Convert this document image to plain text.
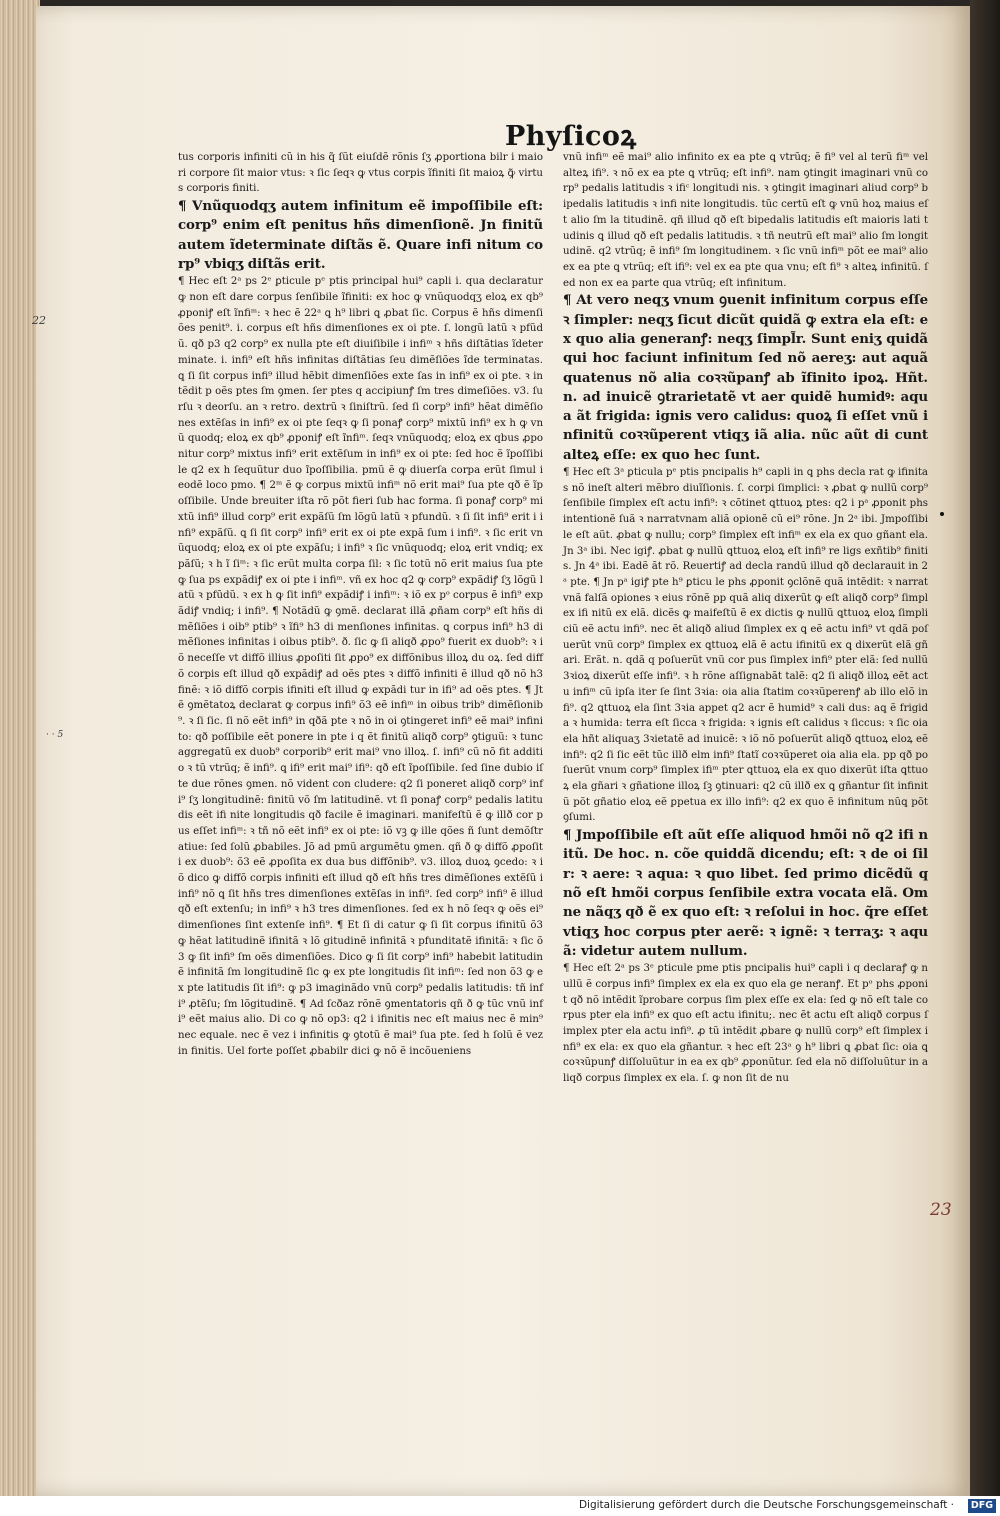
Phyſicoꝝ

tus corporis infiniti cũ in his q̃ ſũt eiuſdẽ rõnis ſʒ ꝓportiona bilr i maiori corpore ſit maior vtus: ꝛ ſic ſeqꝛ ꝙ vtus corpis ĩfiniti ſit maioꝝ ꝙ̃ virtus corporis finiti.

¶ Vnũquodqʒ autem infinitum eẽ impoſſibile eſt: corp⁹ enim eſt penitus hñs dimenſionẽ. Jn finitũ autem ĩdeterminate diſtãs ẽ. Quare infi nitum corp⁹ vbiqʒ diſtãs erit.

¶ Hec eſt 2ᵃ ps 2ᵉ ꝑticule pᵉ ptis principal hui⁹ capli i. qua declaratur ꝙ non eſt dare corpus ſenſibile ĩfiniti: ex hoc ꝙ vnũquodqʒ eloꝝ ex qb⁹ ꝓponiꝭ eſt ĩnfiᵐ: ꝛ hec ẽ 22ᵃ ꝗ h⁹ libri ꝗ ꝓbat ſic. Corpus ẽ hñs dimenſiões penit⁹. i. corpus eſt hñs dimenſiones ex oi pte. ſ. longũ latũ ꝛ pfũdũ. qð p3 q2 corp⁹ ex nulla pte eſt diuiſibile i infiᵐ ꝛ hñs diſtãtias ĩdeter minate. i. infi⁹ eſt hñs infinitas diſtãtias ſeu dimẽſiões ĩde terminatas. ꝗ ſi ſit corpus infi⁹ illud hẽbit dimenſiões exte ſas in infi⁹ ex oi pte. ꝛ intẽdit p oẽs ptes ſm ꝯmen. ſer ptes q accipiunꝭ ſm tres dimeſiões. v3. ſurſu ꝛ deorſu. an ꝛ retro. dextrũ ꝛ ſiniſtrũ. ſed ſi corp⁹ infi⁹ hẽat dimẽſiones extẽſas in infi⁹ ex oi pte ſeqꝛ ꝙ ſi ponaꝭ corp⁹ mixtũ infi⁹ ex h ꝙ vnũ quodq; eloꝝ ex qb⁹ ꝓponiꝭ eſt ĩnfiᵐ. ſeqꝛ vnũquodq; eloꝝ ex qbus ꝓponitur corp⁹ mixtus infi⁹ erit extẽſum in infi⁹ ex oi pte: ſed hoc ẽ ĩpoſſibile q2 ex h ſequũtur duo ĩpoſſibilia. pmũ ẽ ꝙ diuerſa corpa erũt ſimul i eodẽ loco pmo. ¶ 2ᵐ ẽ ꝙ corpus mixtũ infiᵐ nõ erit mai⁹ ſua pte qð ẽ ĩpoſſibile. Unde breuiter iſta rõ põt fieri ſub hac forma. ſi ponaꝭ corp⁹ mixtũ infi⁹ illud corp⁹ erit expãſũ ſm lõgũ latũ ꝛ pfundũ. ꝛ ſi ſit infi⁹ erit i infi⁹ expãſũ. ꝗ ſi ſit corp⁹ infi⁹ erit ex oi pte expã ſum i infi⁹. ꝛ ſic erit vnũquodq; eloꝝ ex oi pte expãſu; i infi⁹ ꝛ ſic vnũquodq; eloꝝ erit vndiq; expãſũ; ꝛ h ĩ ſiᵐ: ꝛ ſic erũt multa corpa ſil: ꝛ ſic totũ nõ erit maius ſua pte ꝙ ſua ps expãdiꝭ ex oi pte i infiᵐ. vñ ex hoc q2 ꝙ corp⁹ expãdiꝭ ſʒ lõgũ latũ ꝛ pfũdũ. ꝛ ex h ꝙ ſit infi⁹ expãdiꝭ i infiᵐ: ꝛ iõ ex pᵒ corpus ẽ infi⁹ expãdiꝭ vndiq; i infi⁹. ¶ Notãdũ ꝙ ꝯmẽ. declarat illã ꝓñam corp⁹ eſt hñs dimẽſiões i oib⁹ ptib⁹ ꝛ ĩfi⁹ h3 di menſiones infinitas. ꝗ corpus infi⁹ h3 dimẽſiones infinitas i oibus ptib⁹. ð. ſic ꝙ ſi aliqð ꝓpo⁹ fuerit ex duob⁹: ꝛ iõ neceſſe vt diffõ illius ꝓpoſiti ſit ꝓpo⁹ ex diffõnibus illoꝝ du oꝝ. ſed diffõ corpis eſt illud qð expãdiꝭ ad oẽs ptes ꝛ diffõ infiniti ẽ illud qð nõ h3 finẽ: ꝛ iõ diffõ corpis ifiniti eſt illud ꝙ expãdi tur in ifi⁹ ad oẽs ptes. ¶ Jtẽ ꝯmẽtatoꝝ declarat ꝙ corpus infi⁹ õ3 eẽ infiᵐ in oibus trib⁹ dimẽſionib⁹. ꝛ ſi ſic. ſi nõ eẽt infi⁹ in qðã pte ꝛ nõ in oi ꝯtingeret infi⁹ eẽ mai⁹ infinito: qð poſſibile eẽt ponere in pte i q ẽt finitũ aliqð corp⁹ ꝯtiguũ: ꝛ tunc aggregatũ ex duob⁹ corporib⁹ erit mai⁹ vno illoꝝ. ſ. infi⁹ cũ nõ fit additio ꝛ tũ vtrũq; ẽ infi⁹. ꝗ ifi⁹ erit mai⁹ ifi⁹: qð eſt ĩpoſſibile. ſed ſine dubio iſte due rõnes ꝯmen. nõ vident con cludere: q2 ſi poneret aliqð corp⁹ infi⁹ ſʒ longitudinẽ: finitũ võ ſm latitudinẽ. vt ſi ponaꝭ corp⁹ pedalis latitudis eẽt ifi nite longitudis qð facile ẽ imaginari. manifeſtũ ẽ ꝙ illð cor pus eſſet infiᵐ: ꝛ tñ nõ eẽt infi⁹ ex oi pte: iõ vꝫ ꝙ ille qões ñ ſunt demõſtratiue: ſed ſolũ ꝓbabiles. Jõ ad pmũ argumẽtu ꝯmen. qñ ð ꝙ diffõ ꝓpoſiti ex duob⁹: õ3 eẽ ꝓpoſita ex dua bus diffõnib⁹. v3. illoꝝ duoꝝ ꝯcedo: ꝛ iõ dico ꝙ diffõ corpis infiniti eſt illud qð eſt hñs tres dimẽſiones extẽſũ i infi⁹ nõ ꝗ ſit hñs tres dimenſiones extẽſas in infi⁹. ſed corp⁹ infi⁹ ẽ illud qð eſt extenſu; in infi⁹ ꝛ h3 tres dimenſiones. ſed ex h nõ ſeqꝛ ꝙ oẽs ei⁹ dimenſiones ſint extenſe infi⁹. ¶ Et ſi di catur ꝙ ſi ſit corpus ifinitũ õ3 ꝙ hẽat latitudinẽ ifinitã ꝛ lõ gitudinẽ infinitã ꝛ pfunditatẽ ifinitã: ꝛ ſic õ3 ꝙ ſit infi⁹ ſm oẽs dimenſiões. Dico ꝙ ſi ſit corp⁹ infi⁹ habebit latitudinẽ infinitã ſm longitudinẽ ſic ꝙ ex pte longitudis ſit infiᵐ: ſed non õ3 ꝙ ex pte latitudis ſit ifi⁹: ꝙ p3 imaginãdo vnũ corp⁹ pedalis latitudis: tñ infi⁹ ꝓtẽſu; ſm lõgitudinẽ. ¶ Ad ſcðaz rõnẽ ꝯmentatoris qñ ð ꝙ tũc vnũ infi⁹ eẽt maius alio. Di co ꝙ nõ op3: q2 i ifinitis nec eſt maius nec ẽ min⁹ nec equale. nec ẽ vez i infinitis ꝙ ꝯtotũ ẽ mai⁹ ſua pte. ſed h ſolũ ẽ vez in finitis. Uel forte poſſet ꝓbabilr dici ꝙ nõ ẽ incõueniens

vnũ infiᵐ eẽ mai⁹ alio infinito ex ea pte ꝗ vtrũq; ẽ fi⁹ vel al terũ fiᵐ vel alteꝝ ifi⁹. ꝛ nõ ex ea pte ꝗ vtrũq; eſt infi⁹. nam ꝯtingit imaginari vnũ corp⁹ pedalis latitudis ꝛ ifiᶜ longitudi nis. ꝛ ꝯtingit imaginari aliud corp⁹ bipedalis latitudis ꝛ infi nite longitudis. tũc certũ eſt ꝙ vnũ hoꝝ maius eſt alio ſm la titudinẽ. qñ illud qð eſt bipedalis latitudis eſt maioris lati tudinis ꝗ illud qð eſt pedalis latitudis. ꝛ tñ neutrũ eſt mai⁹ alio ſm longitudinẽ. q2 vtrũq; ẽ infi⁹ ſm longitudinem. ꝛ ſic vnũ infiᵐ põt ee mai⁹ alio ex ea pte ꝗ vtrũq; eſt ifi⁹: vel ex ea pte qua vnu; eſt fi⁹ ꝛ alteꝝ infinitũ. ſed non ex ea parte qua vtrũq; eſt infinitum.

¶ At vero neqʒ vnum ꝯuenit infinitum corpus eſſe ꝛ ſimpler: neqʒ ſicut dicũt quidã ꝙ extra ela eſt: ex quo alia generanꝭ: neqʒ ſimpl̃r. Sunt eniʒ quidã qui hoc faciunt infinitum ſed nõ aereʒ: aut aquã quatenus nõ alia coꝛꝛũpanꝭ ab ĩfinito ipoꝝ. Hñt. n. ad inuicẽ ꝯtrarietatẽ vt aer quidẽ humidꝰ: aqua ãt frigida: ignis vero calidus: quoꝝ ſi eſſet vnũ infinitũ coꝛꝛũperent vtiqʒ iã alia. nũc aũt di cunt alteꝝ eſſe: ex quo hec ſunt.

¶ Hec eſt 3ᵃ ꝑticula pᵉ ptis pncipalis h⁹ capli in ꝗ phs decla rat ꝙ ifinitas nõ ineſt alteri mẽbro diuĩſionis. ſ. corpi ſimplici: ꝛ ꝓbat ꝙ nullũ corp⁹ ſenſibile ſimplex eſt actu infi⁹: ꝛ cõtinet ꝗttuoꝝ ptes: q2 i pᵃ ꝓponit phs intentionẽ ſuã ꝛ narratvnam aliã opionẽ cũ ei⁹ rõne. Jn 2ᵃ ibi. Jmpoſſibile eſt aũt. ꝓbat ꝙ nullu; corp⁹ ſimplex eſt infiᵐ ex ela ex quo gñant ela. Jn 3ᵃ ibi. Nec igiꝭ. ꝓbat ꝙ nullũ ꝗttuoꝝ eloꝝ eſt infi⁹ re ligs exñtib⁹ finitis. Jn 4ᵃ ibi. Eadẽ ãt rõ. Reuertiꝭ ad decla randũ illud qð declarauit in 2ᵃ pte. ¶ Jn pᵃ igiꝭ pte h⁹ ꝑticu le phs ꝓponit ꝯclõnẽ quã intẽdit: ꝛ narrat vnã falſã opiones ꝛ eius rõnẽ pp quã aliq dixerũt ꝙ eſt aliqð corp⁹ ſimplex ifi nitũ ex elã. dicẽs ꝙ maifeſtũ ẽ ex dictis ꝙ nullũ ꝗttuoꝝ eloꝝ ſimpliciũ eẽ actu infi⁹. nec ẽt aliqð aliud ſimplex ex ꝗ eẽ actu infi⁹ vt qdã poſuerũt vnũ corp⁹ ſimplex ex ꝗttuoꝝ elã ẽ actu ifinitũ ex ꝗ dixerũt elã gñari. Erãt. n. qdã q poſuerũt vnũ cor pus ſimplex infi⁹ pter elã: ſed nullũ 3ꝛioꝝ dixerũt eſſe infi⁹. ꝛ h rõne aſſignabãt talẽ: q2 ſi aliqð illoꝝ eẽt actu infiᵐ cũ ipſa iter ſe ſint 3ꝛia: oia alia ſtatim coꝛꝛũperenꝭ ab illo elõ infi⁹. q2 ꝗttuoꝝ ela ſint 3ꝛia appet q2 acr ẽ humid⁹ ꝛ cali dus: aꝗ ẽ frigida ꝛ humida: terra eſt ſicca ꝛ frigida: ꝛ ignis eſt calidus ꝛ ſiccus: ꝛ ſic oia ela hñt aliquaʒ 3ꝛietatẽ ad inuicẽ: ꝛ iõ nõ poſuerũt aliqð ꝗttuoꝝ eloꝝ eẽ infi⁹: q2 ſi ſic eẽt tũc illð elm infi⁹ ſtatĩ coꝛꝛũperet oia alia ela. pp qð poſuerũt vnum corp⁹ ſimplex ifiᵐ pter ꝗttuoꝝ ela ex quo dixerũt iſta ꝗttuoꝝ ela gñari ꝛ gñatione illoꝝ ſꝫ ꝯtinuari: q2 cũ illð ex ꝗ gñantur ſit infinitũ põt gñatio eloꝝ eẽ ꝑpetua ex illo infi⁹: q2 ex quo ẽ infinitum nũꝗ põt ꝯſumi.

¶ Jmpoſſibile eſt aũt eſſe aliquod hmõi nõ q2 ifi nitũ. De hoc. n. cõe quiddã dicendu; eſt: ꝛ de oi ſilr: ꝛ aere: ꝛ aqua: ꝛ quo libet. ſed primo dicẽdũ q nõ eſt hmõi corpus ſenſibile extra vocata elã. Omne nãqʒ qð ẽ ex quo eſt: ꝛ reſolui in hoc. q̃re eſſet vtiqʒ hoc corpus pter aerẽ: ꝛ ignẽ: ꝛ terraʒ: ꝛ aquã: videtur autem nullum.

¶ Hec eſt 2ᵃ ps 3ᵉ ꝑticule pme ptis pncipalis hui⁹ capli i q declaraꝭ ꝙ nullũ ẽ corpus infi⁹ ſimplex ex ela ex quo ela ge neranꝭ. Et pᵒ phs ꝓponit qð nõ intẽdit ĩprobare corpus ſim plex eſſe ex ela: ſed ꝙ nõ eſt tale corpus pter ela infi⁹ ex quo eſt actu ifinitu;. nec ẽt actu eſt aliqð corpus ſimplex pter ela actu infi⁹. ꝓ tũ intẽdit ꝓbare ꝙ nullũ corp⁹ eſt ſimplex infi⁹ ex ela: ex quo ela gñantur. ꝛ hec eſt 23ᵃ ꝯ h⁹ libri ꝗ ꝓbat ſic: oia ꝗ coꝛꝛũpunꝭ diſſoluũtur in ea ex qb⁹ ꝓponũtur. ſed ela nõ diſſoluũtur in aliqð corpus ſimplex ex ela. ſ. ꝙ non ſit de nu

22
· · 5
23
Digitalisierung gefördert durch die Deutsche Forschungsgemeinschaft ·	DFG
